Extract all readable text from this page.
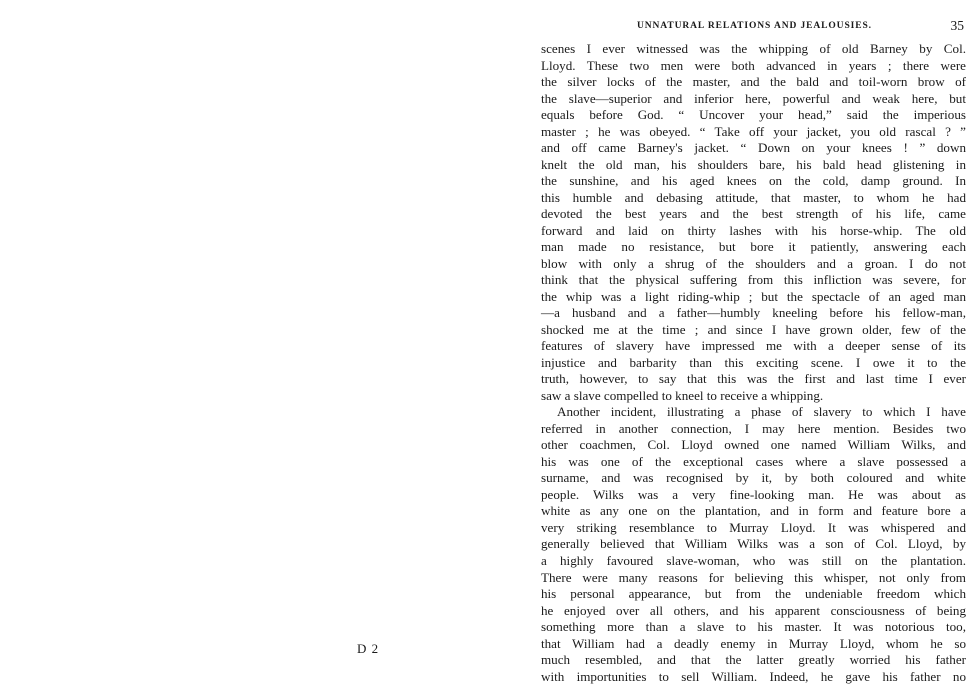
UNNATURAL RELATIONS AND JEALOUSIES.	35
scenes I ever witnessed was the whipping of old Barney by Col.
Lloyd. These two men were both advanced in years ; there were
the silver locks of the master, and the bald and toil-worn brow of
the slave—superior and inferior here, powerful and weak here, but
equals before God. “ Uncover your head,” said the imperious
master ; he was obeyed. “ Take off your jacket, you old rascal ? ”
and off came Barney's jacket. “ Down on your knees ! ” down
knelt the old man, his shoulders bare, his bald head glistening in
the sunshine, and his aged knees on the cold, damp ground. In
this humble and debasing attitude, that master, to whom he had
devoted the best years and the best strength of his life, came
forward and laid on thirty lashes with his horse-whip. The old
man made no resistance, but bore it patiently, answering each
blow with only a shrug of the shoulders and a groan. I do not
think that the physical suffering from this infliction was severe, for
the whip was a light riding-whip ; but the spectacle of an aged man
—a husband and a father—humbly kneeling before his fellow-man,
shocked me at the time ; and since I have grown older, few of the
features of slavery have impressed me with a deeper sense of its
injustice and barbarity than this exciting scene. I owe it to the
truth, however, to say that this was the first and last time I ever
saw a slave compelled to kneel to receive a whipping.
Another incident, illustrating a phase of slavery to which I have
referred in another connection, I may here mention. Besides two
other coachmen, Col. Lloyd owned one named William Wilks, and
his was one of the exceptional cases where a slave possessed a
surname, and was recognised by it, by both coloured and white
people. Wilks was a very fine-looking man. He was about as
white as any one on the plantation, and in form and feature bore a
very striking resemblance to Murray Lloyd. It was whispered and
generally believed that William Wilks was a son of Col. Lloyd, by
a highly favoured slave-woman, who was still on the plantation.
There were many reasons for believing this whisper, not only from
his personal appearance, but from the undeniable freedom which
he enjoyed over all others, and his apparent consciousness of being
something more than a slave to his master. It was notorious too,
that William had a deadly enemy in Murray Lloyd, whom he so
much resembled, and that the latter greatly worried his father
with importunities to sell William. Indeed, he gave his father no
D 2
